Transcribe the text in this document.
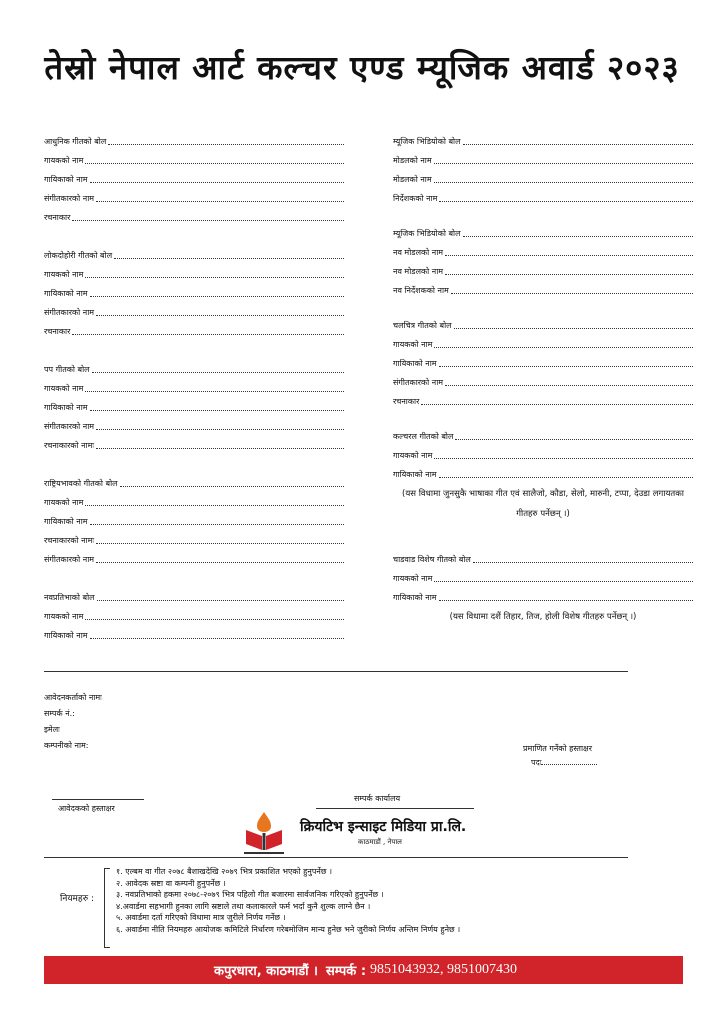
तेस्रो नेपाल आर्ट कल्चर एण्ड म्यूजिक अवार्ड २०२३
आधुनिक गीतको बोल
गायकको नाम
गायिकाको नाम
संगीतकारको नाम
रचनाकार
लोकदोहोरी गीतको बोल
गायकको नाम
गायिकाको नाम
संगीतकारको नाम
रचनाकार
पप गीतको बोल
गायकको नाम
गायिकाको नाम
संगीतकारको नाम
रचनाकारको नामः
राष्ट्रियभावको गीतको बोल
गायकको नाम
गायिकाको नाम
रचनाकारको नामः
संगीतकारको नाम
नवप्रतिभाको बोल
गायकको नाम
गायिकाको नाम
म्यूजिक भिडियोको बोल
मोडलको नाम
मोडलको नाम
निर्देशकको नाम
म्यूजिक भिडियोको बोल
नव मोडलको नाम
नव मोडलको नाम
नव निर्देशकको नाम
चलचित्र गीतको बोल
गायकको नाम
गायिकाको नाम
संगीतकारको नाम
रचनाकार
कल्चरल गीतको बोल
गायकको नाम
गायिकाको नाम
(यस विधामा जुनसुकै भाषाका गीत एवं सालैजो, कौडा, सेलो, मारुनी, टप्पा, देउडा लगायतका गीतहरु पर्नेछन् ।)
चाडवाड विशेष गीतको बोल
गायकको नाम
गायिकाको नाम
(यस विधामा दशैं तिहार, तिज, होली विशेष गीतहरु पर्नेछन् ।)
आवेदनकर्ताको नामः
सम्पर्क नं.:
इमेलः
कम्पनीको नाम:	प्रमाणित गर्नेको हस्ताक्षर
पदः
आवेदकको हस्ताक्षर
सम्पर्क कार्यालय
क्रियटिभ इन्साइट मिडिया प्रा.लि.
काठमाडौं , नेपाल
नियमहरु :
१. एल्बम वा गीत २०७८ बैशाखदेखि २०७९ भित्र प्रकाशित भएको हुनुपर्नेछ ।
२. आवेदक स्रष्टा वा कम्पनी हुनुपर्नेछ ।
३. नवप्रतिभाको हकमा २०७८-२०७९ भित्र पहिलो गीत बजारमा सार्वजनिक गरिएको हुनुपर्नेछ ।
४.अवार्डमा सहभागी हुनका लागि स्रष्टाले तथा कलाकारले फर्म भर्दा कुनै शुल्क लाग्ने छैन ।
५. अवार्डमा दर्ता गरिएको विधामा मात्र जुरीले निर्णय गर्नेछ ।
६. अवार्डमा नीति नियमहरु आयोजक कमिटिले निर्धारण गरेबमोजिम मान्य हुनेछ भने जुरीको निर्णय अन्तिम निर्णय हुनेछ ।
कपुरधारा, काठमाडौं । सम्पर्क : 9851043932, 9851007430
